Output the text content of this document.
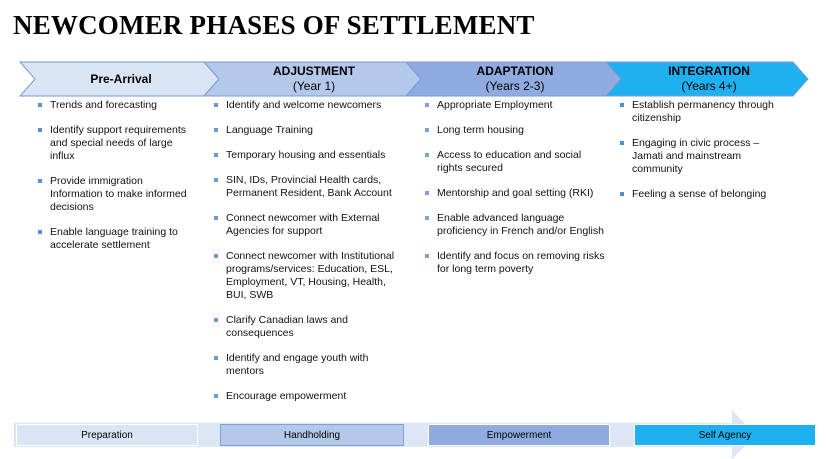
NEWCOMER PHASES OF SETTLEMENT
Pre-Arrival
ADJUSTMENT
(Year 1)
ADAPTATION
(Years 2-3)
INTEGRATION
(Years 4+)
Trends and forecasting
Identify support requirements and special needs of large influx
Provide immigration Information to make informed decisions
Enable language training to accelerate settlement
Identify and welcome newcomers
Language Training
Temporary housing and essentials
SIN, IDs, Provincial Health cards, Permanent Resident, Bank Account
Connect newcomer with External Agencies for support
Connect newcomer with Institutional programs/services: Education, ESL, Employment, VT, Housing, Health, BUI, SWB
Clarify Canadian laws and consequences
Identify and engage youth with mentors
Encourage empowerment
Appropriate Employment
Long term housing
Access to education and social rights secured
Mentorship and goal setting (RKI)
Enable advanced language proficiency in French and/or English
Identify and focus on removing risks for long term poverty
Establish permanency through citizenship
Engaging in civic process – Jamati and mainstream community
Feeling a sense of belonging
Preparation	Handholding	Empowerment	Self Agency
